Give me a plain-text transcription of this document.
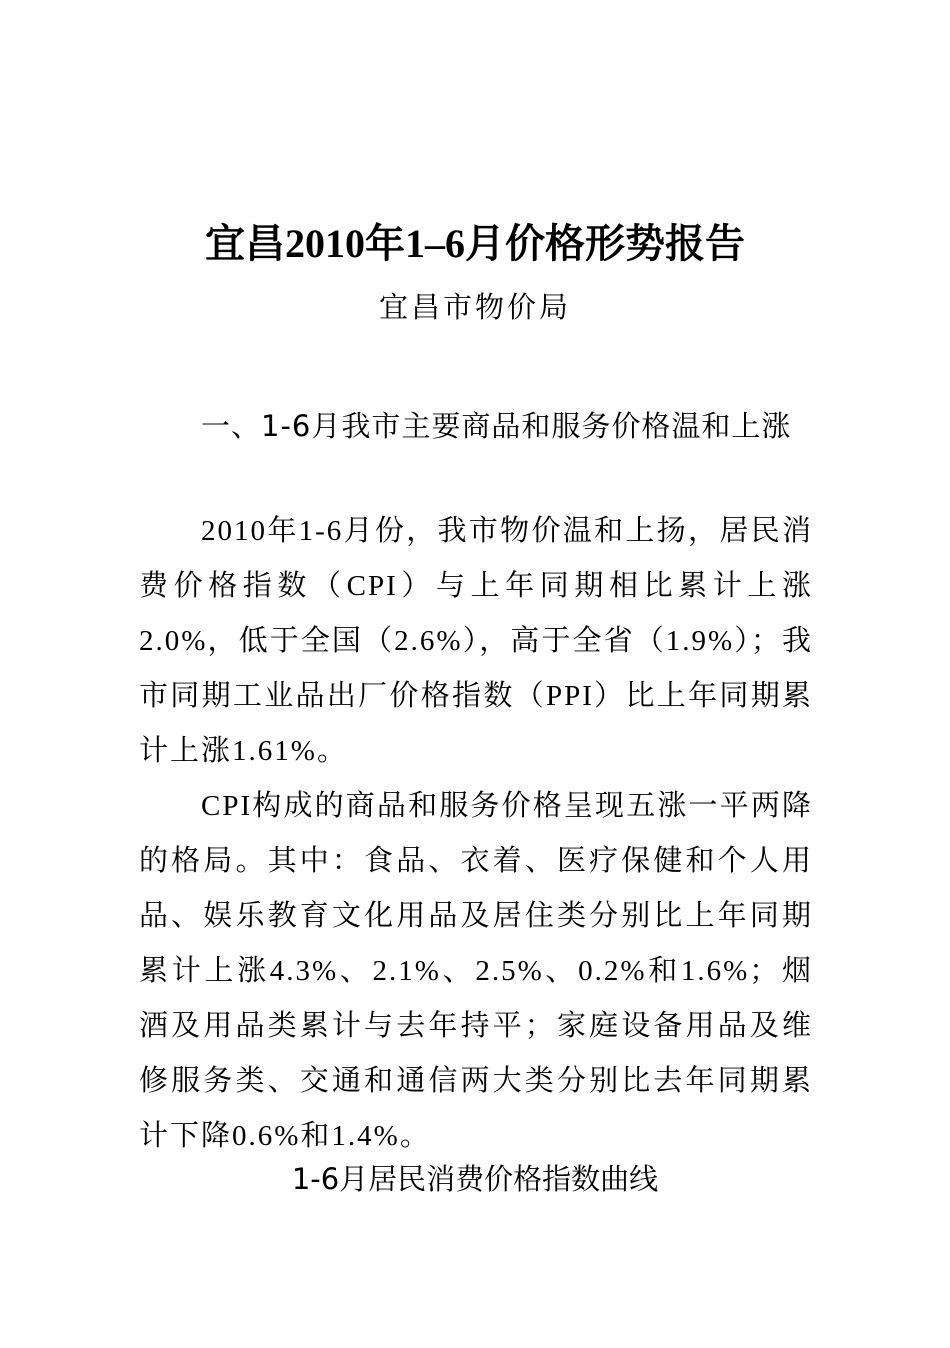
宜昌2010年1–6月价格形势报告

宜昌市物价局

一、1-6月我市主要商品和服务价格温和上涨

2010年1-6月份，我市物价温和上扬，居民消费价格指数（CPI）与上年同期相比累计上涨2.0%，低于全国（2.6%），高于全省（1.9%）；我市同期工业品出厂价格指数（PPI）比上年同期累计上涨1.61%。

CPI构成的商品和服务价格呈现五涨一平两降的格局。其中：食品、衣着、医疗保健和个人用品、娱乐教育文化用品及居住类分别比上年同期累计上涨4.3%、2.1%、2.5%、0.2%和1.6%；烟酒及用品类累计与去年持平；家庭设备用品及维修服务类、交通和通信两大类分别比去年同期累计下降0.6%和1.4%。

1-6月居民消费价格指数曲线
